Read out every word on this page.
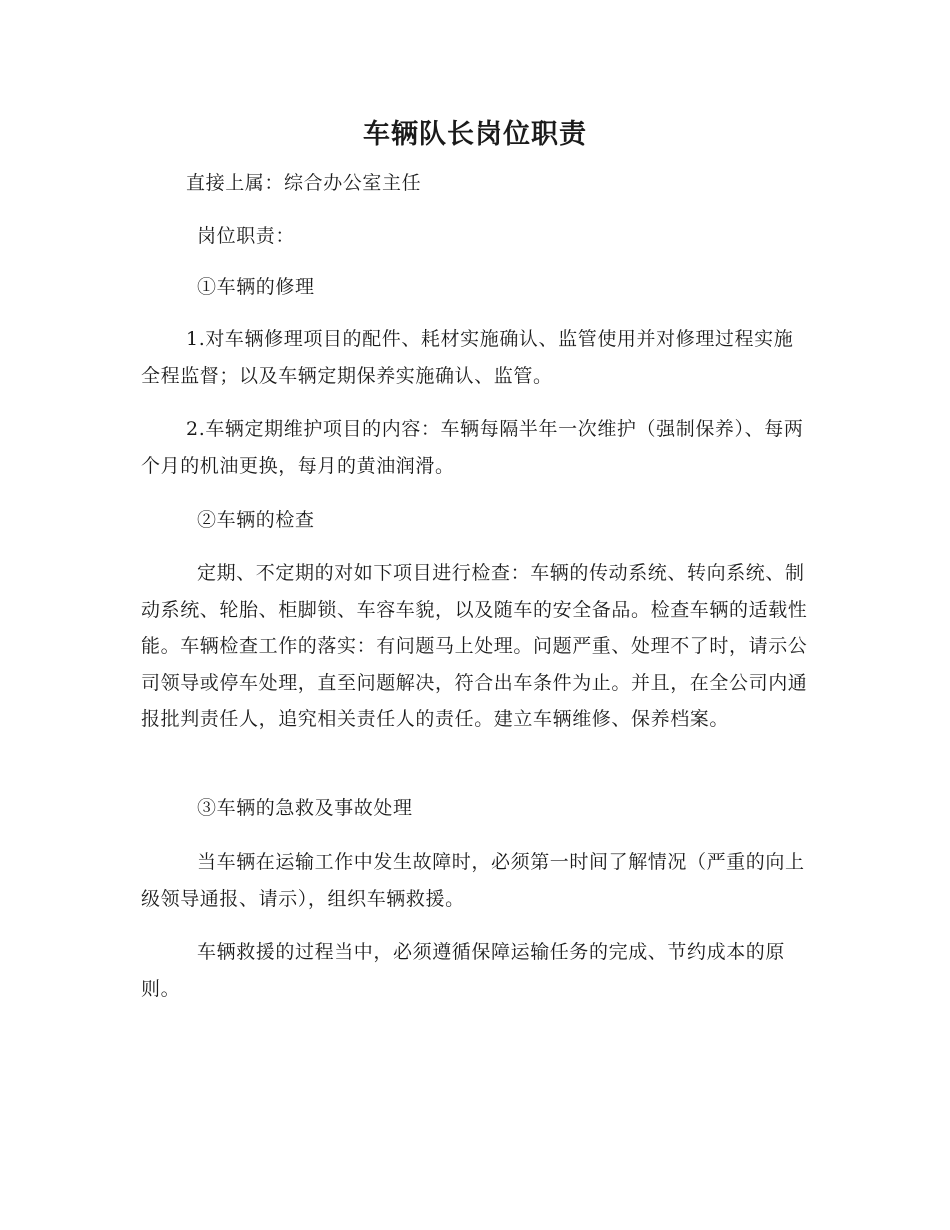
车辆队长岗位职责

直接上属：综合办公室主任

岗位职责：

①车辆的修理

1.对车辆修理项目的配件、耗材实施确认、监管使用并对修理过程实施全程监督；以及车辆定期保养实施确认、监管。

2.车辆定期维护项目的内容：车辆每隔半年一次维护（强制保养）、每两个月的机油更换，每月的黄油润滑。

②车辆的检查

定期、不定期的对如下项目进行检查：车辆的传动系统、转向系统、制动系统、轮胎、柜脚锁、车容车貌，以及随车的安全备品。检查车辆的适载性能。车辆检查工作的落实：有问题马上处理。问题严重、处理不了时，请示公司领导或停车处理，直至问题解决，符合出车条件为止。并且，在全公司内通报批判责任人，追究相关责任人的责任。建立车辆维修、保养档案。

③车辆的急救及事故处理

当车辆在运输工作中发生故障时，必须第一时间了解情况（严重的向上级领导通报、请示），组织车辆救援。

车辆救援的过程当中，必须遵循保障运输任务的完成、节约成本的原则。
